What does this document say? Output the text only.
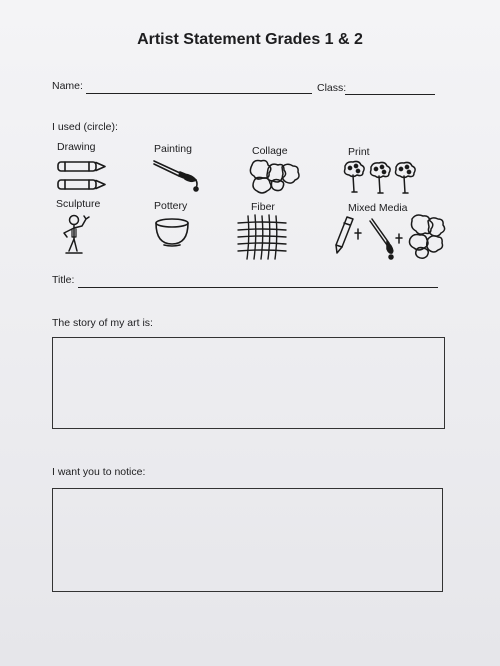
Artist Statement Grades 1 & 2
Name:	Class:
I used (circle):
Drawing	Painting	Collage	Print
Sculpture	Pottery	Fiber	Mixed Media
Title:
The story of my art is:
I want you to notice:
